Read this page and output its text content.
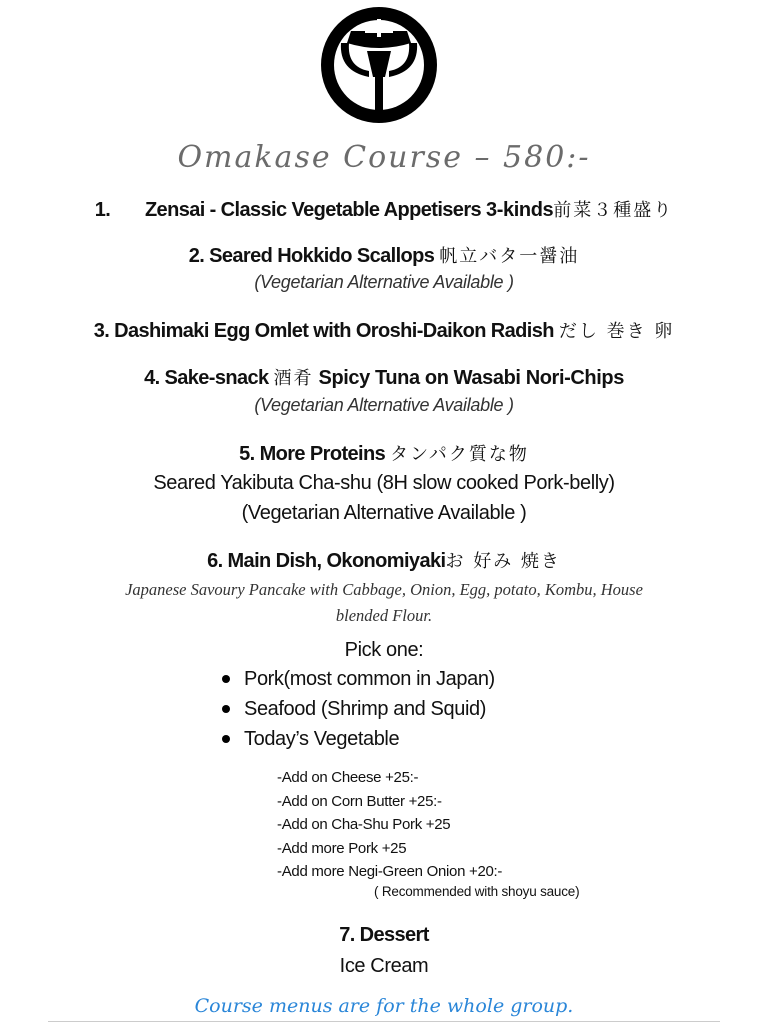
Omakase Course – 580:-
1. Zensai - Classic Vegetable Appetisers 3-kinds前菜３種盛り
2. Seared Hokkido Scallops 帆立バタ一醤油
(Vegetarian Alternative Available )
3. Dashimaki Egg Omlet with Oroshi-Daikon Radish だし 巻き 卵
4. Sake-snack 酒肴 Spicy Tuna on Wasabi Nori-Chips
(Vegetarian Alternative Available )
5. More Proteins タンパク質な物
Seared Yakibuta Cha-shu (8H slow cooked Pork-belly)
(Vegetarian Alternative Available )
6. Main Dish, Okonomiyakiお 好み 焼き
Japanese Savoury Pancake with Cabbage, Onion, Egg, potato, Kombu, House
blended Flour.
Pick one:
Pork(most common in Japan)
Seafood (Shrimp and Squid)
Today’s Vegetable
-Add on Cheese +25:-
-Add on Corn Butter +25:-
-Add on Cha-Shu Pork +25
-Add more Pork +25
-Add more Negi-Green Onion +20:-
( Recommended with shoyu sauce)
7. Dessert
Ice Cream
Course menus are for the whole group.
